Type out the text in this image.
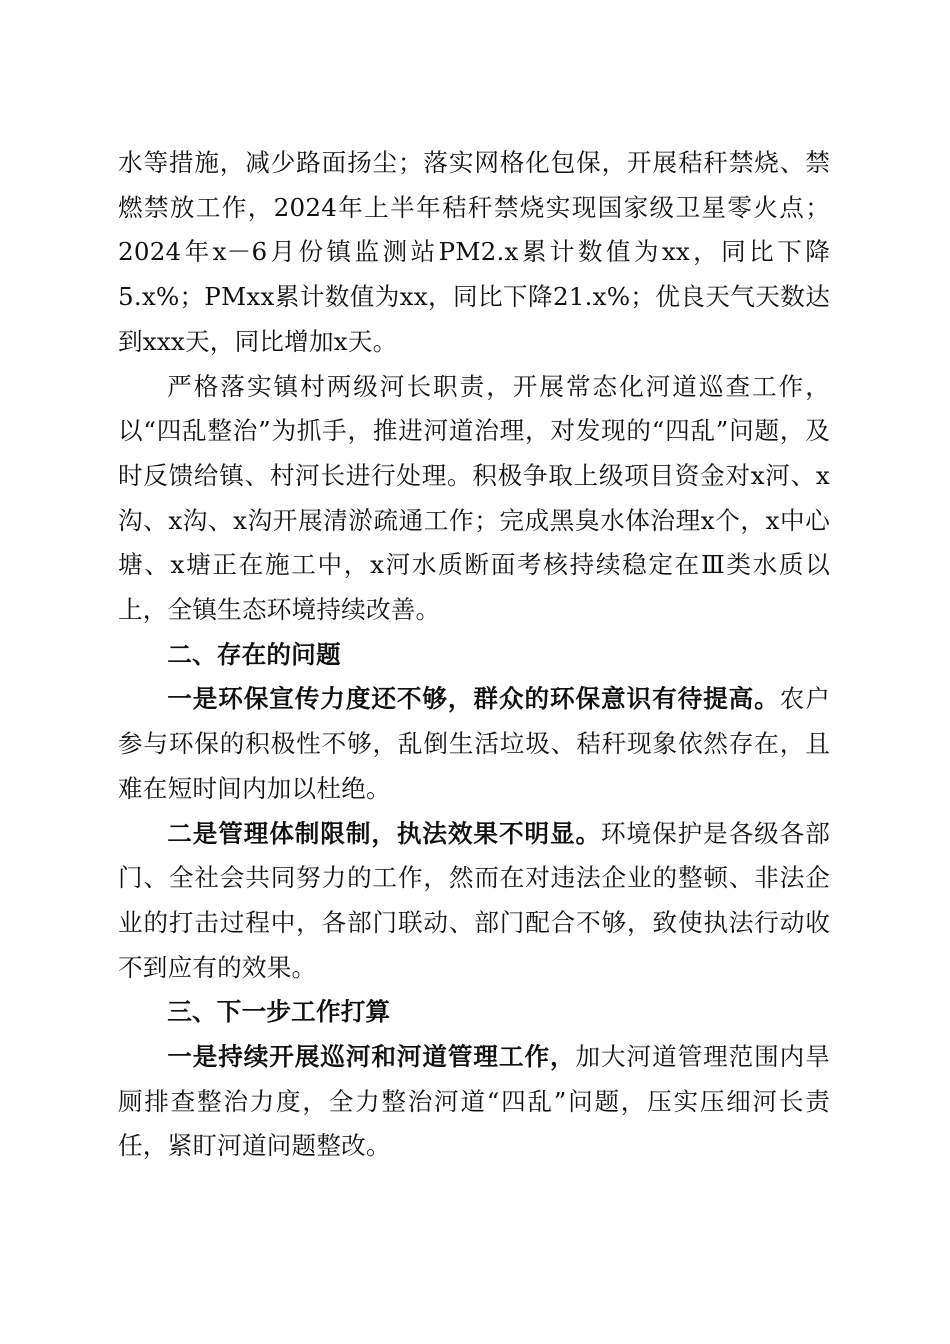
水等措施，减少路面扬尘；落实网格化包保，开展秸秆禁烧、禁燃禁放工作，2024年上半年秸秆禁烧实现国家级卫星零火点；2024年x－6月份镇监测站PM2.x累计数值为xx，同比下降5.x%；PMxx累计数值为xx，同比下降21.x%；优良天气天数达到xxx天，同比增加x天。

严格落实镇村两级河长职责，开展常态化河道巡查工作，以“四乱整治”为抓手，推进河道治理，对发现的“四乱”问题，及时反馈给镇、村河长进行处理。积极争取上级项目资金对x河、x沟、x沟、x沟开展清淤疏通工作；完成黑臭水体治理x个，x中心塘、x塘正在施工中，x河水质断面考核持续稳定在Ⅲ类水质以上，全镇生态环境持续改善。

二、存在的问题

一是环保宣传力度还不够，群众的环保意识有待提高。农户参与环保的积极性不够，乱倒生活垃圾、秸秆现象依然存在，且难在短时间内加以杜绝。

二是管理体制限制，执法效果不明显。环境保护是各级各部门、全社会共同努力的工作，然而在对违法企业的整顿、非法企业的打击过程中，各部门联动、部门配合不够，致使执法行动收不到应有的效果。

三、下一步工作打算

一是持续开展巡河和河道管理工作，加大河道管理范围内旱厕排查整治力度，全力整治河道“四乱”问题，压实压细河长责任，紧盯河道问题整改。
